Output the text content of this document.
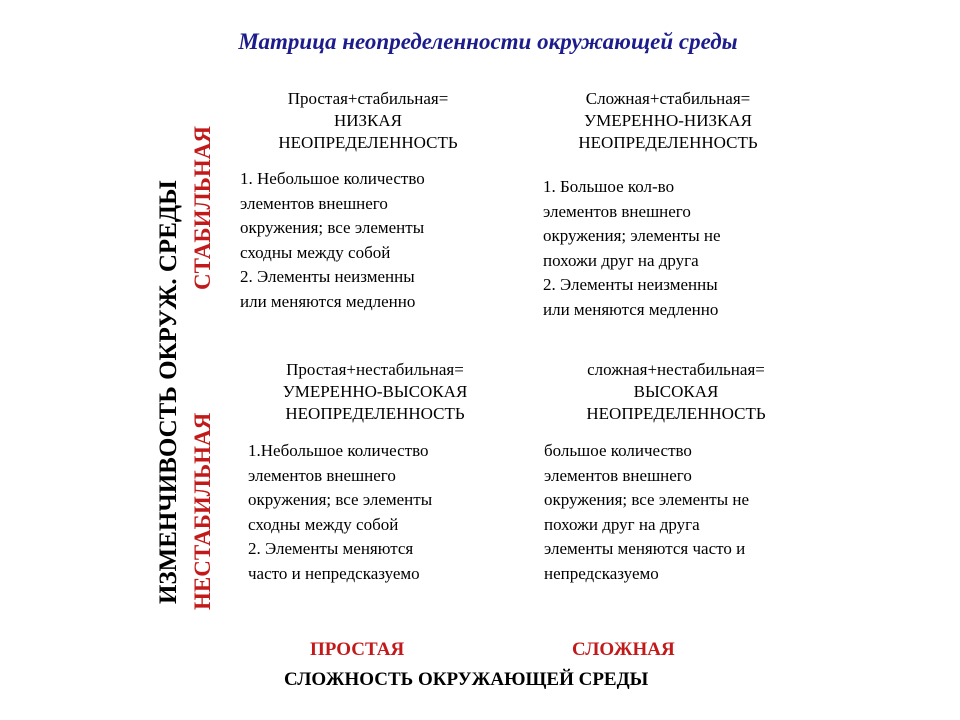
Матрица неопределенности окружающей среды
ИЗМЕНЧИВОСТЬ ОКРУЖ. СРЕДЫ СТАБИЛЬНАЯ
НЕСТАБИЛЬНАЯ
Простая+стабильная=
НИЗКАЯ
НЕОПРЕДЕЛЕННОСТЬ
1. Небольшое количество
элементов внешнего
окружения; все элементы
сходны между собой
2. Элементы неизменны
или меняются медленно
Сложная+стабильная=
УМЕРЕННО-НИЗКАЯ
НЕОПРЕДЕЛЕННОСТЬ
1. Большое кол-во
элементов внешнего
окружения; элементы не
похожи друг на друга
2. Элементы неизменны
или меняются медленно
Простая+нестабильная=
УМЕРЕННО-ВЫСОКАЯ
НЕОПРЕДЕЛЕННОСТЬ
1.Небольшое количество
элементов внешнего
окружения; все элементы
сходны между собой
2. Элементы меняются
часто и непредсказуемо
сложная+нестабильная=
ВЫСОКАЯ
НЕОПРЕДЕЛЕННОСТЬ
большое количество
элементов внешнего
окружения; все элементы не
похожи друг на друга
элементы меняются часто и
непредсказуемо
ПРОСТАЯ	СЛОЖНАЯ
СЛОЖНОСТЬ ОКРУЖАЮЩЕЙ СРЕДЫ
